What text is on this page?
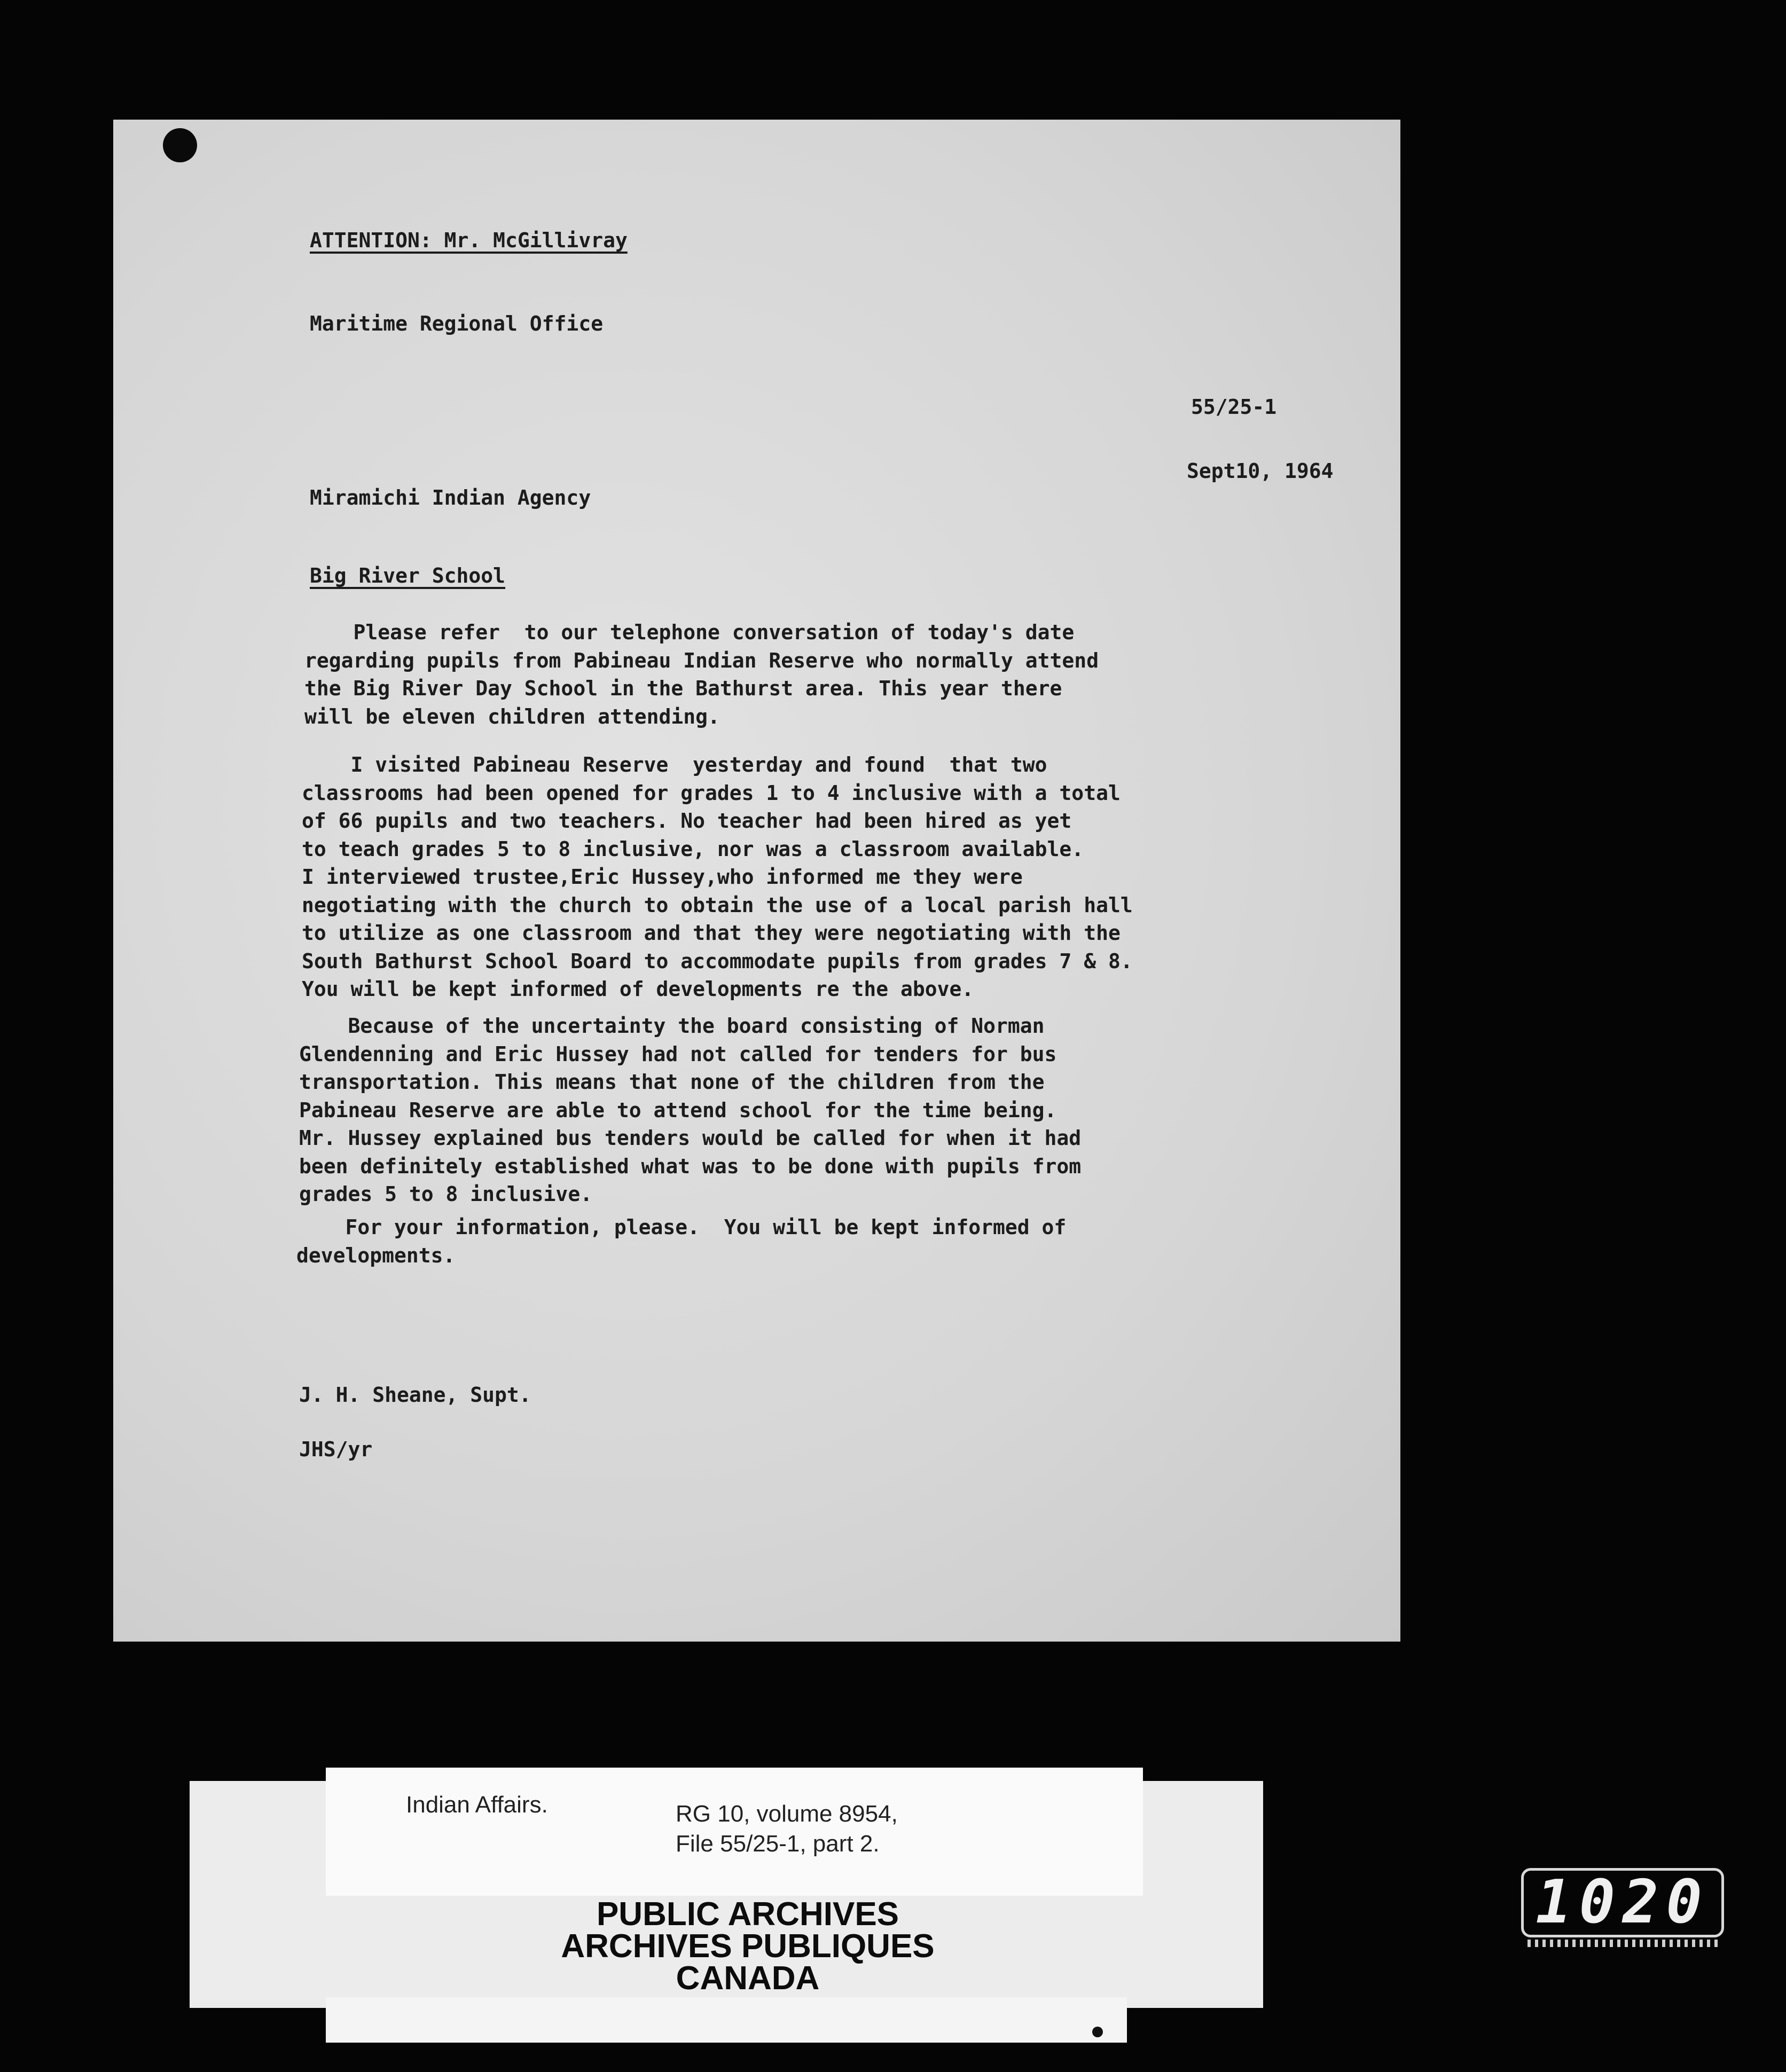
ATTENTION: Mr. McGillivray

Maritime Regional Office

55/25-1

Sept10, 1964

Miramichi Indian Agency

Big River School

Please refer  to our telephone conversation of today's date
regarding pupils from Pabineau Indian Reserve who normally attend
the Big River Day School in the Bathurst area. This year there
will be eleven children attending.
I visited Pabineau Reserve  yesterday and found  that two
classrooms had been opened for grades 1 to 4 inclusive with a total
of 66 pupils and two teachers. No teacher had been hired as yet
to teach grades 5 to 8 inclusive, nor was a classroom available.
I interviewed trustee,Eric Hussey,who informed me they were
negotiating with the church to obtain the use of a local parish hall
to utilize as one classroom and that they were negotiating with the
South Bathurst School Board to accommodate pupils from grades 7 & 8.
You will be kept informed of developments re the above.
Because of the uncertainty the board consisting of Norman
Glendenning and Eric Hussey had not called for tenders for bus
transportation. This means that none of the children from the
Pabineau Reserve are able to attend school for the time being.
Mr. Hussey explained bus tenders would be called for when it had
been definitely established what was to be done with pupils from
grades 5 to 8 inclusive.
For your information, please.  You will be kept informed of
developments.

J. H. Sheane, Supt.

JHS/yr

Indian Affairs.	RG 10, volume 8954,

File 55/25-1, part 2.

PUBLIC ARCHIVES
ARCHIVES PUBLIQUES
CANADA
1020
